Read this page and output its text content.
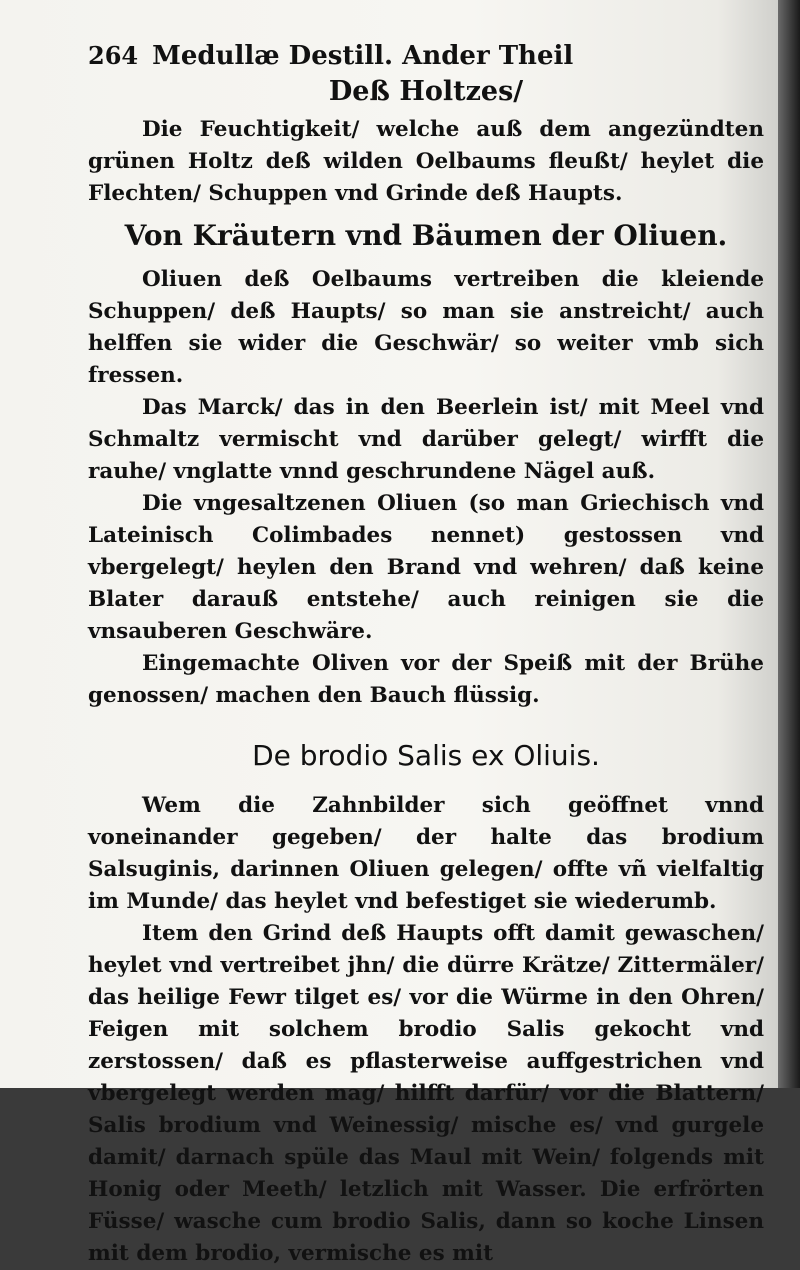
264 Medullæ Destill. Ander Theil
Deß Holtzes/

Die Feuchtigkeit/ welche auß dem angezündten grünen Holtz deß wilden Oelbaums fleußt/ heylet die Flechten/ Schuppen vnd Grinde deß Haupts.

Von Kräutern vnd Bäumen der Oliuen.

Oliuen deß Oelbaums vertreiben die kleiende Schuppen/ deß Haupts/ so man sie anstreicht/ auch helffen sie wider die Geschwär/ so weiter vmb sich fressen.

Das Marck/ das in den Beerlein ist/ mit Meel vnd Schmaltz vermischt vnd darüber gelegt/ wirfft die rauhe/ vnglatte vnnd geschrundene Nägel auß.

Die vngesaltzenen Oliuen (so man Griechisch vnd Lateinisch Colimbades nennet) gestossen vnd vbergelegt/ heylen den Brand vnd wehren/ daß keine Blater darauß entstehe/ auch reinigen sie die vnsauberen Geschwäre.

Eingemachte Oliven vor der Speiß mit der Brühe genossen/ machen den Bauch flüssig.

De brodio Salis ex Oliuis.

Wem die Zahnbilder sich geöffnet vnnd voneinander gegeben/ der halte das brodium Salsuginis, darinnen Oliuen gelegen/ offte vñ vielfaltig im Munde/ das heylet vnd befestiget sie wiederumb.

Item den Grind deß Haupts offt damit gewaschen/ heylet vnd vertreibet jhn/ die dürre Krätze/ Zittermäler/ das heilige Fewr tilget es/ vor die Würme in den Ohren/ Feigen mit solchem brodio Salis gekocht vnd zerstossen/ daß es pflasterweise auffgestrichen vnd vbergelegt werden mag/ hilfft darfür/ vor die Blattern/ Salis brodium vnd Weinessig/ mische es/ vnd gurgele damit/ darnach spüle das Maul mit Wein/ folgends mit Honig oder Meeth/ letzlich mit Wasser. Die erfrörten Füsse/ wasche cum brodio Salis, dann so koche Linsen mit dem brodio, vermische es mit
